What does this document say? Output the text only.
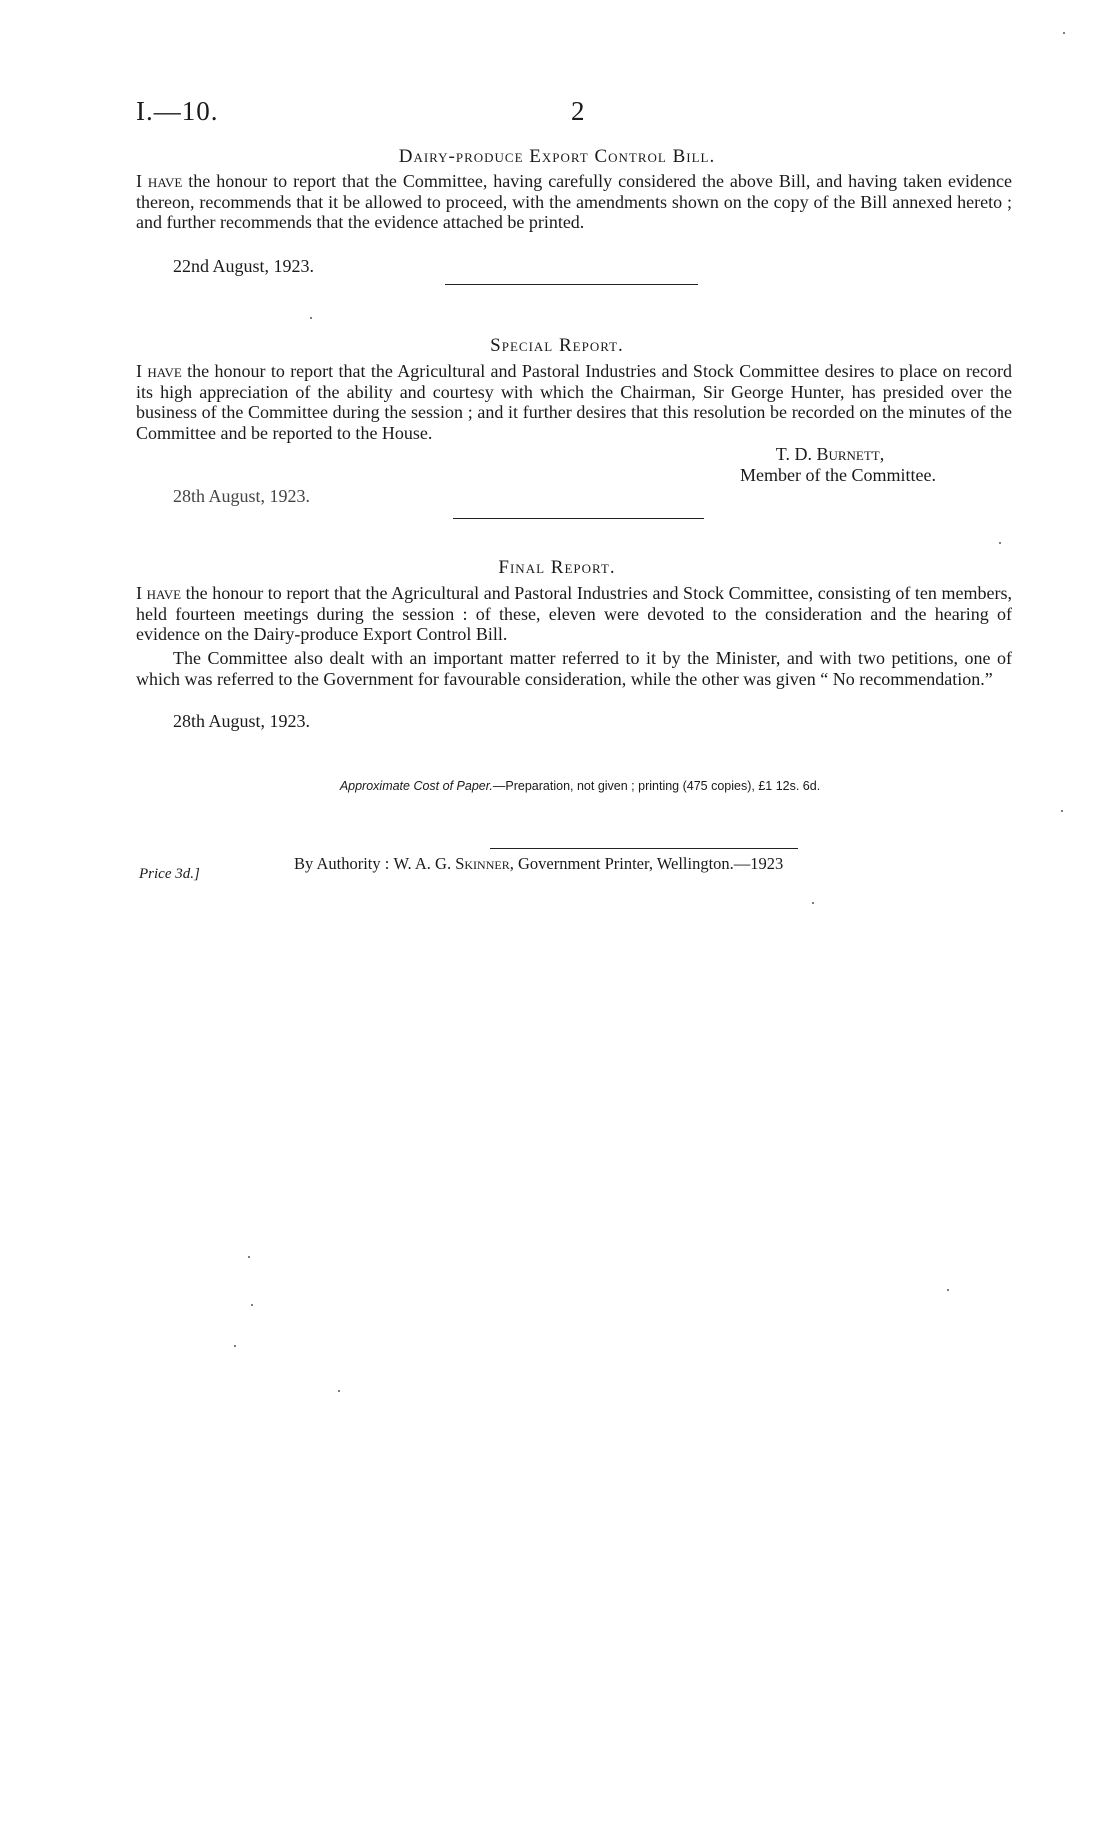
I.—10.	2
Dairy-produce Export Control Bill.
I have the honour to report that the Committee, having carefully considered the above Bill, and having taken evidence thereon, recommends that it be allowed to proceed, with the amendments shown on the copy of the Bill annexed hereto ; and further recommends that the evidence attached be printed.
22nd August, 1923.
Special Report.
I have the honour to report that the Agricultural and Pastoral Industries and Stock Committee desires to place on record its high appreciation of the ability and courtesy with which the Chairman, Sir George Hunter, has presided over the business of the Committee during the session ; and it further desires that this resolution be recorded on the minutes of the Committee and be reported to the House.
T. D. Burnett,
Member of the Committee.
28th August, 1923.
Final Report.
I have the honour to report that the Agricultural and Pastoral Industries and Stock Committee, consisting of ten members, held fourteen meetings during the session : of these, eleven were devoted to the consideration and the hearing of evidence on the Dairy-produce Export Control Bill.
The Committee also dealt with an important matter referred to it by the Minister, and with two petitions, one of which was referred to the Government for favourable consideration, while the other was given “ No recommendation.”
28th August, 1923.
Approximate Cost of Paper.—Preparation, not given ; printing (475 copies), £1 12s. 6d.
By Authority : W. A. G. Skinner, Government Printer, Wellington.—1923
Price 3d.]
